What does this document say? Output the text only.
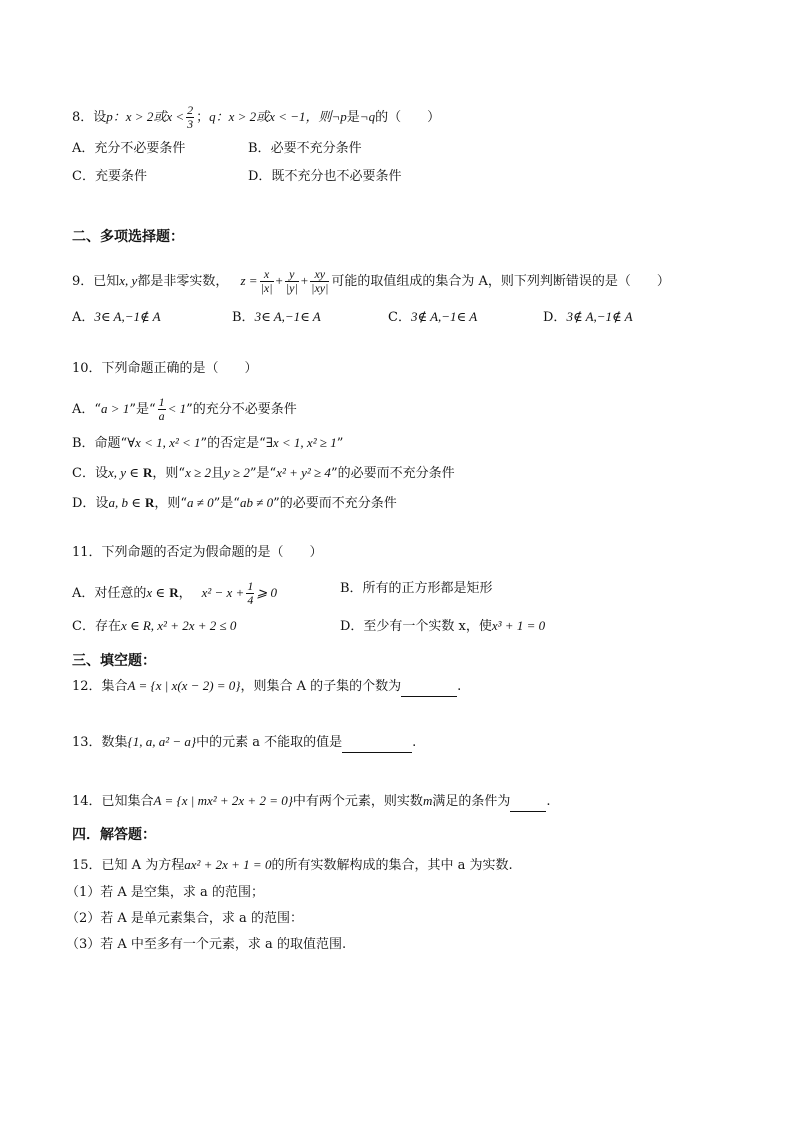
8．设p：x > 2或$x < \frac{2}{3}$ ；q：x > 2或x < −1，则¬p是¬q的（　　）
A．充分不必要条件	B．必要不充分条件
C．充要条件	D．既不充分也不必要条件
二、多项选择题：
9．已知x, y都是非零实数， $z = \frac{x}{|x|} + \frac{y}{|y|} + \frac{xy}{|xy|}$ 可能的取值组成的集合为 A，则下列判断错误的是（　　）
A．3∈ A,−1∉ A	B．3∈ A,−1∈ A	C．3∉ A,−1∈ A	D．3∉ A,−1∉ A
10．下列命题正确的是（　　）
A．“a > 1”是“ $\frac{1}{a} < 1$”的充分不必要条件
B．命题“∀x < 1, x² < 1”的否定是“∃x < 1, x² ≥ 1”
C．设x, y ∈ R，则“x ≥ 2且y ≥ 2”是“x² + y² ≥ 4”的必要而不充分条件
D．设a, b ∈ R，则“a ≠ 0”是“ab ≠ 0”的必要而不充分条件
11．下列命题的否定为假命题的是（　　）
A．对任意的x ∈ R， $x^2 - x + \frac{1}{4}$ ⩾ 0	B．所有的正方形都是矩形
C．存在x ∈ R, x² + 2x + 2 ≤ 0	D．至少有一个实数 x，使x³ + 1 = 0
三、填空题：
12．集合A = {x | x(x − 2) = 0}，则集合 A 的子集的个数为	.
13．数集{1, a, a² − a}中的元素 a 不能取的值是	.
14．已知集合A = {x | mx² + 2x + 2 = 0}中有两个元素，则实数m满足的条件为	.
四．解答题：
15．已知 A 为方程ax² + 2x + 1 = 0的所有实数解构成的集合，其中 a 为实数.
（1）若 A 是空集，求 a 的范围；
（2）若 A 是单元素集合，求 a 的范围：
（3）若 A 中至多有一个元素，求 a 的取值范围.
